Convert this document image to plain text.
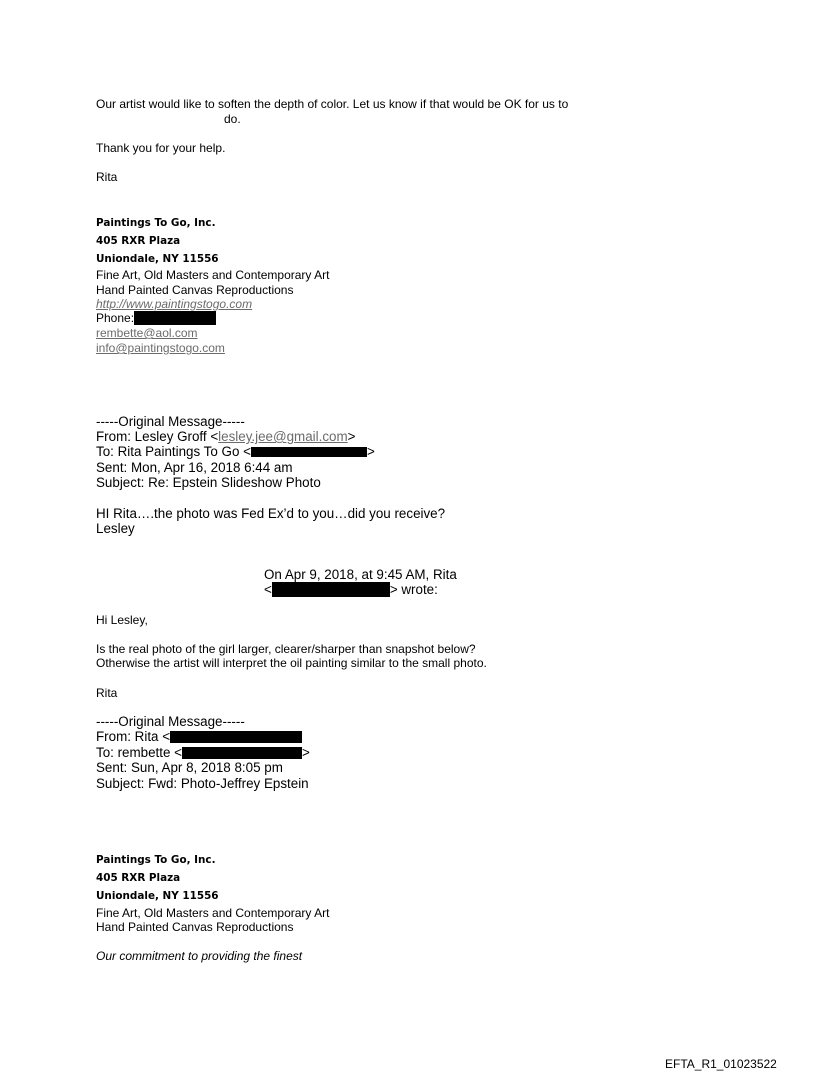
Our artist would like to soften the depth of color. Let us know if that would be OK for us to
do.
Thank you for your help.
Rita
Paintings To Go, Inc.
405 RXR Plaza
Uniondale, NY 11556
Fine Art, Old Masters and Contemporary Art
Hand Painted Canvas Reproductions
http://www.paintingstogo.com
Phone:
rembette@aol.com
info@paintingstogo.com
-----Original Message-----
From: Lesley Groff <lesley.jee@gmail.com>
To: Rita Paintings To Go <	>
Sent: Mon, Apr 16, 2018 6:44 am
Subject: Re: Epstein Slideshow Photo
HI Rita….the photo was Fed Ex’d to you…did you receive?
Lesley
On Apr 9, 2018, at 9:45 AM, Rita
<	> wrote:
Hi Lesley,
Is the real photo of the girl larger, clearer/sharper than snapshot below?
Otherwise the artist will interpret the oil painting similar to the small photo.
Rita
-----Original Message-----
From: Rita <
To: rembette <	>
Sent: Sun, Apr 8, 2018 8:05 pm
Subject: Fwd: Photo-Jeffrey Epstein
Paintings To Go, Inc.
405 RXR Plaza
Uniondale, NY 11556
Fine Art, Old Masters and Contemporary Art
Hand Painted Canvas Reproductions
Our commitment to providing the finest
EFTA_R1_01023522
